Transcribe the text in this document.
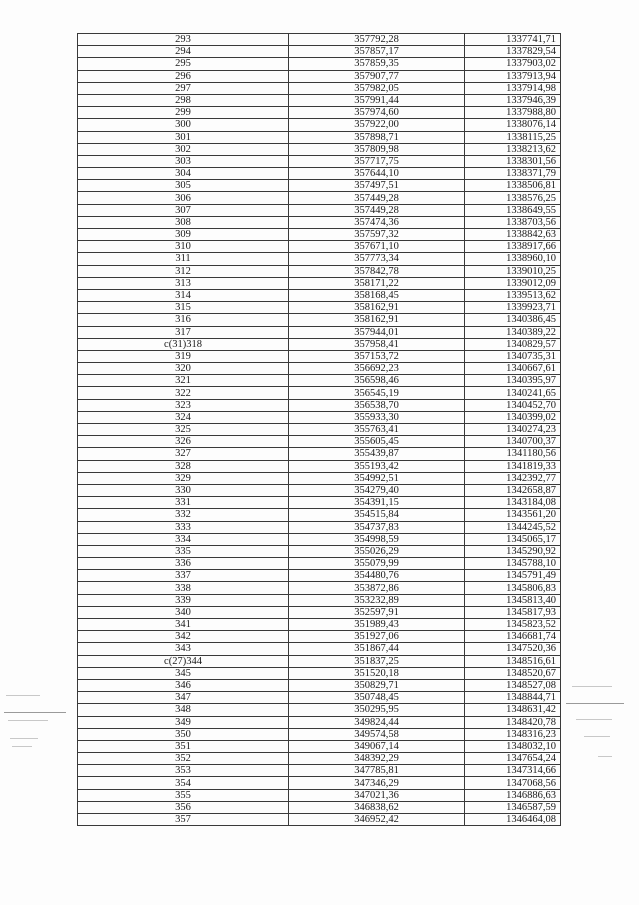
293	357792,28	1337741,71
294	357857,17	1337829,54
295	357859,35	1337903,02
296	357907,77	1337913,94
297	357982,05	1337914,98
298	357991,44	1337946,39
299	357974,60	1337988,80
300	357922,00	1338076,14
301	357898,71	1338115,25
302	357809,98	1338213,62
303	357717,75	1338301,56
304	357644,10	1338371,79
305	357497,51	1338506,81
306	357449,28	1338576,25
307	357449,28	1338649,55
308	357474,36	1338703,56
309	357597,32	1338842,63
310	357671,10	1338917,66
311	357773,34	1338960,10
312	357842,78	1339010,25
313	358171,22	1339012,09
314	358168,45	1339513,62
315	358162,91	1339923,71
316	358162,91	1340386,45
317	357944,01	1340389,22
с(31)318	357958,41	1340829,57
319	357153,72	1340735,31
320	356692,23	1340667,61
321	356598,46	1340395,97
322	356545,19	1340241,65
323	356538,70	1340452,70
324	355933,30	1340399,02
325	355763,41	1340274,23
326	355605,45	1340700,37
327	355439,87	1341180,56
328	355193,42	1341819,33
329	354992,51	1342392,77
330	354279,40	1342658,87
331	354391,15	1343184,08
332	354515,84	1343561,20
333	354737,83	1344245,52
334	354998,59	1345065,17
335	355026,29	1345290,92
336	355079,99	1345788,10
337	354480,76	1345791,49
338	353872,86	1345806,83
339	353232,89	1345813,40
340	352597,91	1345817,93
341	351989,43	1345823,52
342	351927,06	1346681,74
343	351867,44	1347520,36
с(27)344	351837,25	1348516,61
345	351520,18	1348520,67
346	350829,71	1348527,08
347	350748,45	1348844,71
348	350295,95	1348631,42
349	349824,44	1348420,78
350	349574,58	1348316,23
351	349067,14	1348032,10
352	348392,29	1347654,24
353	347785,81	1347314,66
354	347346,29	1347068,56
355	347021,36	1346886,63
356	346838,62	1346587,59
357	346952,42	1346464,08
